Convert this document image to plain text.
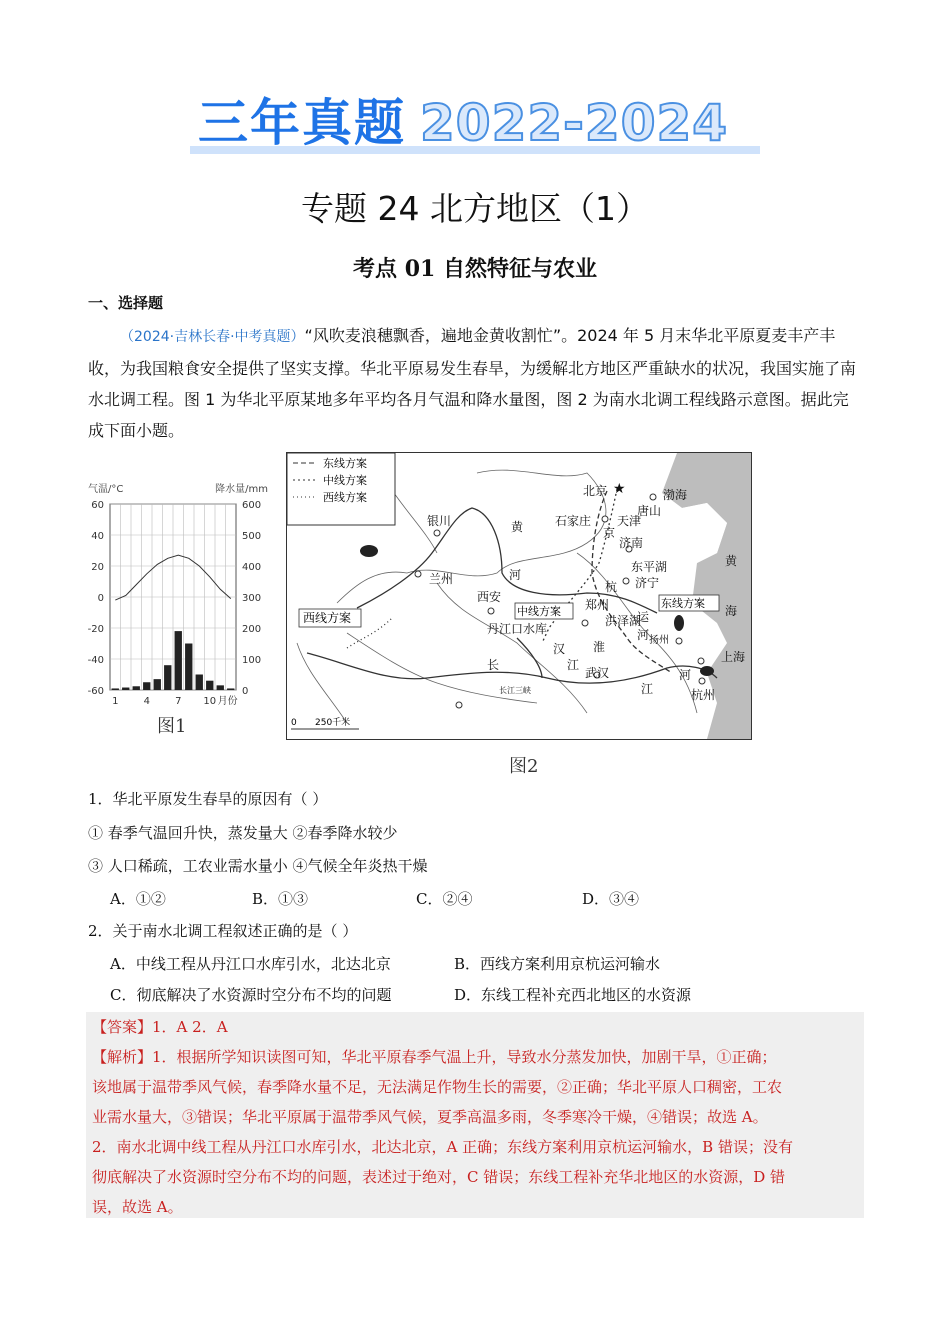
三年真题 2022-2024
专题 24 北方地区（1）
考点 01 自然特征与农业
一、选择题
（2024·吉林长春·中考真题）“风吹麦浪穗飘香，遍地金黄收割忙”。2024 年 5 月末华北平原夏麦丰产丰收，为我国粮食安全提供了坚实支撑。华北平原易发生春旱，为缓解北方地区严重缺水的状况，我国实施了南水北调工程。图 1 为华北平原某地多年平均各月气温和降水量图，图 2 为南水北调工程线路示意图。据此完成下面小题。
气温/°C	降水量/mm
60
40
20
0
-20
-40
-60
600
500
400
300
200
100
0
1	4	7 10 月份
图1
东线方案
中线方案
西线方案
★
北京	渤海
唐山
天津
石家庄
京
银川	黄
济南
河
兰州
东平湖
济宁
杭
黄
海
西安
郑州
运
洪泽湖
丹江口水库
汉 淮
河 扬州
上海
长	江
武汉
江
河
杭州
长江三峡
中线方案
东线方案
西线方案
0 250千米
图2
1．华北平原发生春旱的原因有（ ）
① 春季气温回升快，蒸发量大 ②春季降水较少
③ 人口稀疏，工农业需水量小 ④气候全年炎热干燥
A．①②	B．①③	C．②④	D．③④
2．关于南水北调工程叙述正确的是（ ）
A．中线工程从丹江口水库引水，北达北京	B．西线方案利用京杭运河输水
C．彻底解决了水资源时空分布不均的问题	D．东线工程补充西北地区的水资源
【答案】1．A 2．A
【解析】1．根据所学知识读图可知，华北平原春季气温上升，导致水分蒸发加快，加剧干旱，①正确；
该地属于温带季风气候，春季降水量不足，无法满足作物生长的需要，②正确；华北平原人口稠密，工农
业需水量大，③错误；华北平原属于温带季风气候，夏季高温多雨，冬季寒冷干燥，④错误；故选 A。
2．南水北调中线工程从丹江口水库引水，北达北京，A 正确；东线方案利用京杭运河输水，B 错误；没有
彻底解决了水资源时空分布不均的问题，表述过于绝对，C 错误；东线工程补充华北地区的水资源，D 错
误，故选 A。
